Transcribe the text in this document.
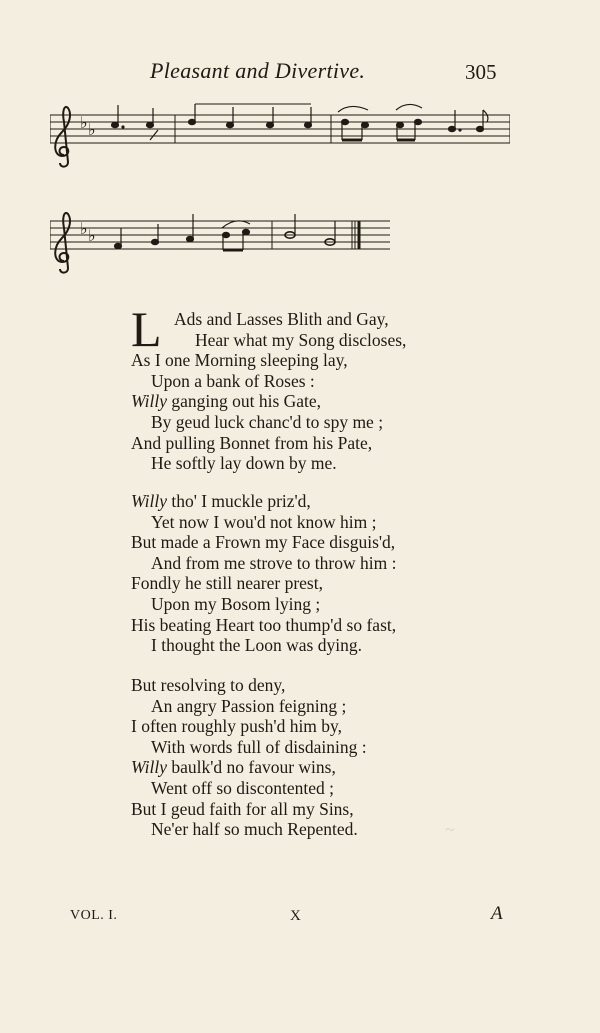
Pleasant and Divertive.	305
♭ ♭
♭ ♭
~
L Ads and Lasses Blith and Gay,
Hear what my Song discloses,
As I one Morning sleeping lay,
Upon a bank of Roses :
Willy ganging out his Gate,
By geud luck chanc'd to spy me ;
And pulling Bonnet from his Pate,
He softly lay down by me.
Willy tho' I muckle priz'd,
Yet now I wou'd not know him ;
But made a Frown my Face disguis'd,
And from me strove to throw him :
Fondly he still nearer prest,
Upon my Bosom lying ;
His beating Heart too thump'd so fast,
I thought the Loon was dying.
But resolving to deny,
An angry Passion feigning ;
I often roughly push'd him by,
With words full of disdaining :
Willy baulk'd no favour wins,
Went off so discontented ;
But I geud faith for all my Sins,
Ne'er half so much Repented.
VOL. I.	X	A
